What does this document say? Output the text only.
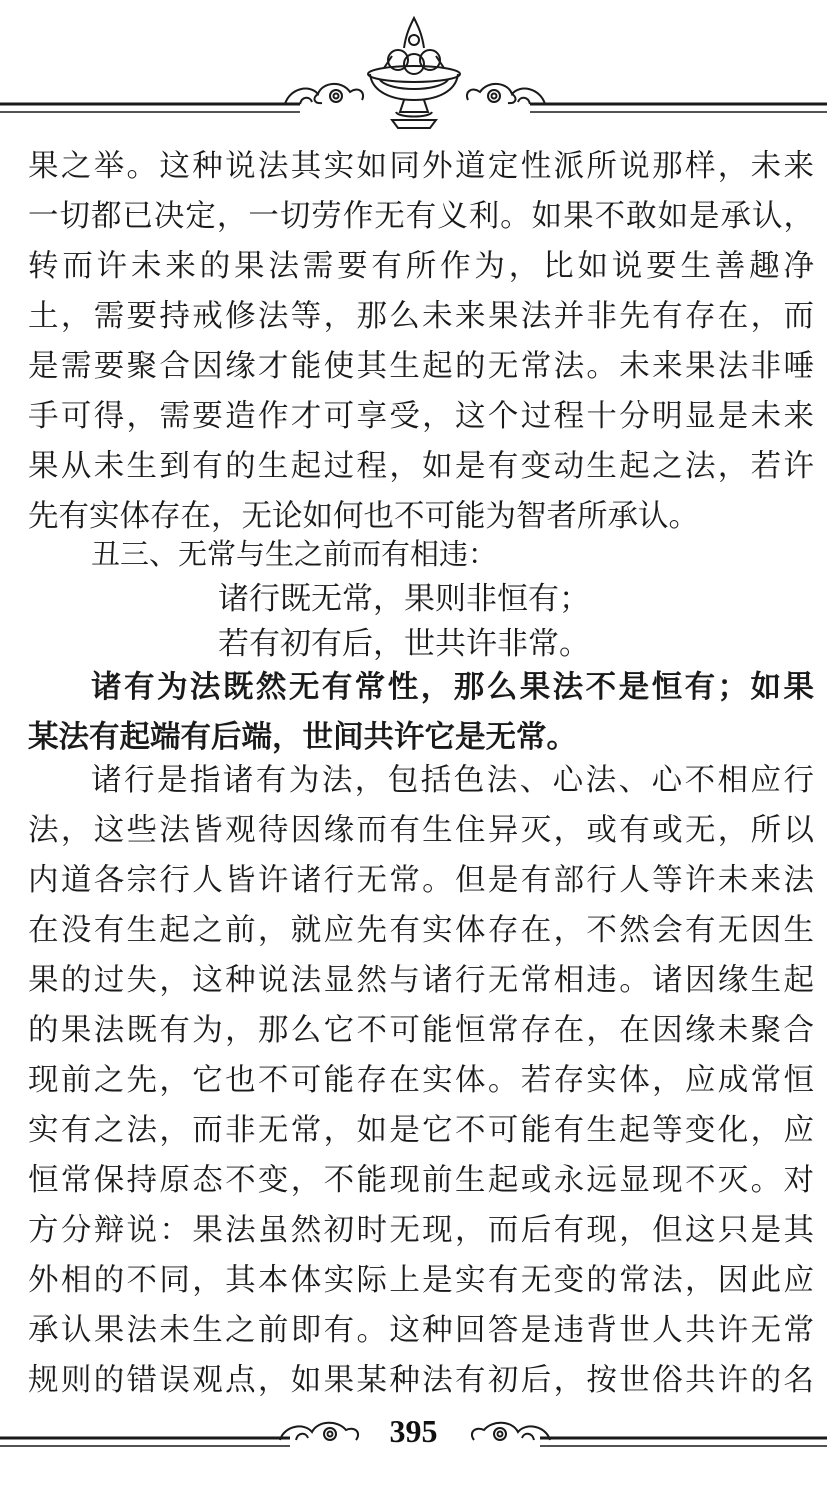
果之举。这种说法其实如同外道定性派所说那样，未来
一切都已决定，一切劳作无有义利。如果不敢如是承认，
转而许未来的果法需要有所作为，比如说要生善趣净
土，需要持戒修法等，那么未来果法并非先有存在，而
是需要聚合因缘才能使其生起的无常法。未来果法非唾
手可得，需要造作才可享受，这个过程十分明显是未来
果从未生到有的生起过程，如是有变动生起之法，若许
先有实体存在，无论如何也不可能为智者所承认。
丑三、无常与生之前而有相违：
诸行既无常，果则非恒有；
若有初有后，世共许非常。
诸有为法既然无有常性，那么果法不是恒有；如果
某法有起端有后端，世间共许它是无常。
诸行是指诸有为法，包括色法、心法、心不相应行
法，这些法皆观待因缘而有生住异灭，或有或无，所以
内道各宗行人皆许诸行无常。但是有部行人等许未来法
在没有生起之前，就应先有实体存在，不然会有无因生
果的过失，这种说法显然与诸行无常相违。诸因缘生起
的果法既有为，那么它不可能恒常存在，在因缘未聚合
现前之先，它也不可能存在实体。若存实体，应成常恒
实有之法，而非无常，如是它不可能有生起等变化，应
恒常保持原态不变，不能现前生起或永远显现不灭。对
方分辩说：果法虽然初时无现，而后有现，但这只是其
外相的不同，其本体实际上是实有无变的常法，因此应
承认果法未生之前即有。这种回答是违背世人共许无常
规则的错误观点，如果某种法有初后，按世俗共许的名
395
